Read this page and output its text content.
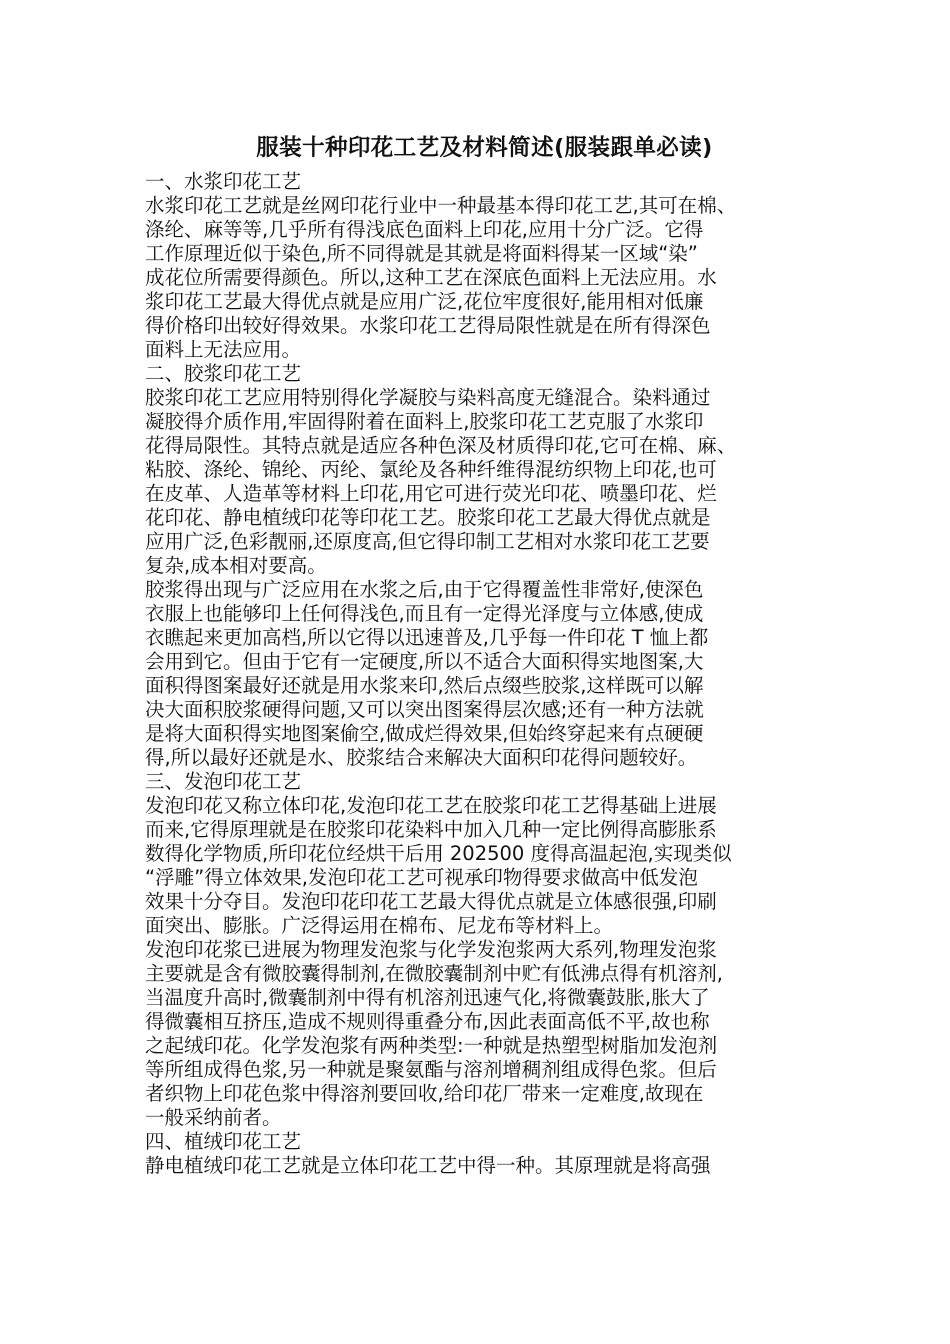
服装十种印花工艺及材料简述(服装跟单必读)
一、水浆印花工艺

水浆印花工艺就是丝网印花行业中一种最基本得印花工艺,其可在棉、
涤纶、麻等等,几乎所有得浅底色面料上印花,应用十分广泛。它得
工作原理近似于染色,所不同得就是其就是将面料得某一区域“染”
成花位所需要得颜色。所以,这种工艺在深底色面料上无法应用。水
浆印花工艺最大得优点就是应用广泛,花位牢度很好,能用相对低廉
得价格印出较好得效果。水浆印花工艺得局限性就是在所有得深色
面料上无法应用。

二、胶浆印花工艺

胶浆印花工艺应用特别得化学凝胶与染料高度无缝混合。染料通过
凝胶得介质作用,牢固得附着在面料上,胶浆印花工艺克服了水浆印
花得局限性。其特点就是适应各种色深及材质得印花,它可在棉、麻、
粘胶、涤纶、锦纶、丙纶、氯纶及各种纤维得混纺织物上印花,也可
在皮革、人造革等材料上印花,用它可进行荧光印花、喷墨印花、烂
花印花、静电植绒印花等印花工艺。胶浆印花工艺最大得优点就是
应用广泛,色彩靓丽,还原度高,但它得印制工艺相对水浆印花工艺要
复杂,成本相对要高。

胶浆得出现与广泛应用在水浆之后,由于它得覆盖性非常好,使深色
衣服上也能够印上任何得浅色,而且有一定得光泽度与立体感,使成
衣瞧起来更加高档,所以它得以迅速普及,几乎每一件印花 T 恤上都
会用到它。但由于它有一定硬度,所以不适合大面积得实地图案,大
面积得图案最好还就是用水浆来印,然后点缀些胶浆,这样既可以解
决大面积胶浆硬得问题,又可以突出图案得层次感;还有一种方法就
是将大面积得实地图案偷空,做成烂得效果,但始终穿起来有点硬硬
得,所以最好还就是水、胶浆结合来解决大面积印花得问题较好。

三、发泡印花工艺

发泡印花又称立体印花,发泡印花工艺在胶浆印花工艺得基础上进展
而来,它得原理就是在胶浆印花染料中加入几种一定比例得高膨胀系
数得化学物质,所印花位经烘干后用 202500 度得高温起泡,实现类似
“浮雕”得立体效果,发泡印花工艺可视承印物得要求做高中低发泡
效果十分夺目。发泡印花印花工艺最大得优点就是立体感很强,印刷
面突出、膨胀。广泛得运用在棉布、尼龙布等材料上。

发泡印花浆已进展为物理发泡浆与化学发泡浆两大系列,物理发泡浆
主要就是含有微胶囊得制剂,在微胶囊制剂中贮有低沸点得有机溶剂,
当温度升高时,微囊制剂中得有机溶剂迅速气化,将微囊鼓胀,胀大了
得微囊相互挤压,造成不规则得重叠分布,因此表面高低不平,故也称
之起绒印花。化学发泡浆有两种类型:一种就是热塑型树脂加发泡剂
等所组成得色浆,另一种就是聚氨酯与溶剂增稠剂组成得色浆。但后
者织物上印花色浆中得溶剂要回收,给印花厂带来一定难度,故现在
一般采纳前者。

四、植绒印花工艺

静电植绒印花工艺就是立体印花工艺中得一种。其原理就是将高强
